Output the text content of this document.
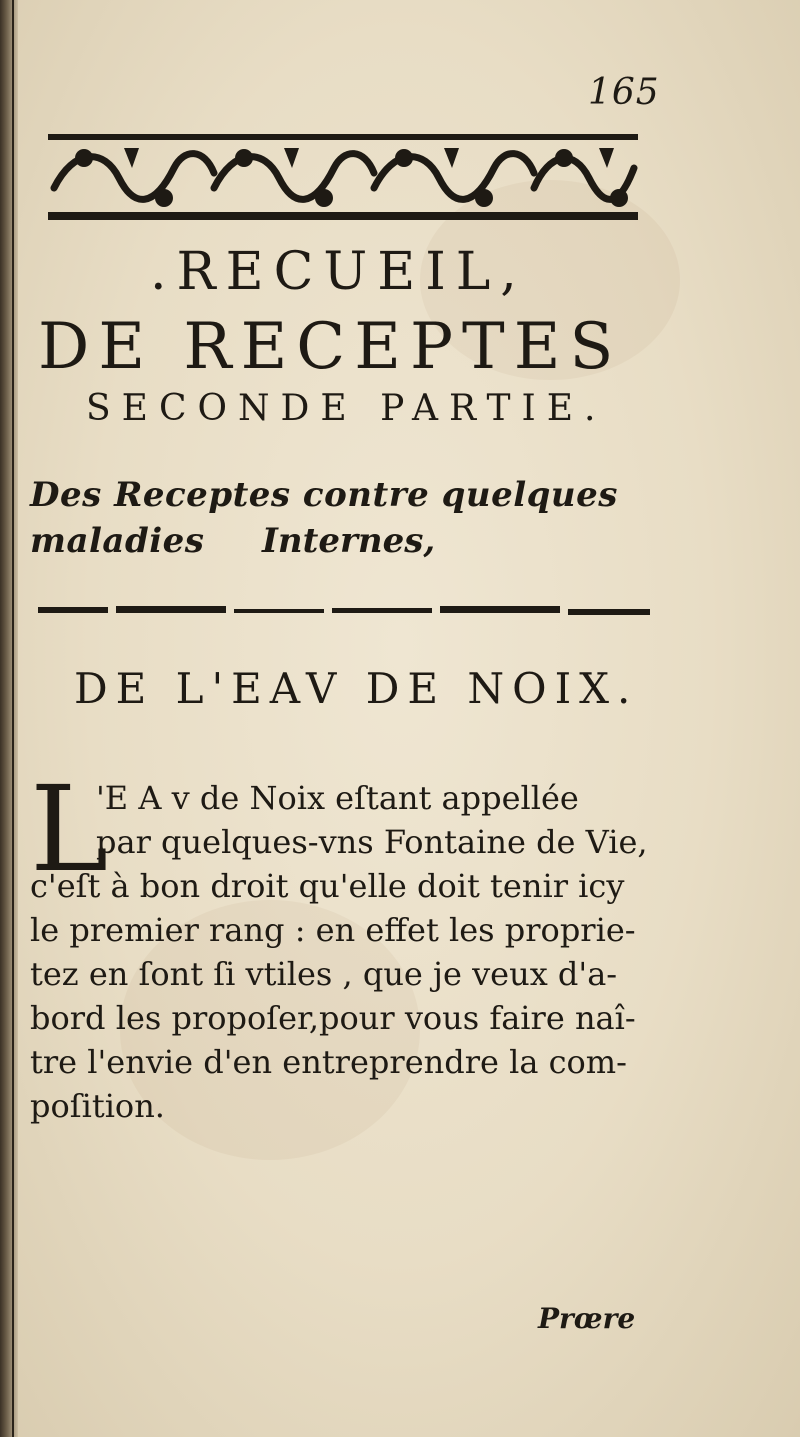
165
.RECUEIL,
DE RECEPTES
SECONDE PARTIE.
Des Receptes contre quelques maladies	Internes,
DE L'EAV DE NOIX.
L
'E A v de Noix eſtant appellée
par quelques-vns Fontaine de Vie,
c'eſt à bon droit qu'elle doit tenir icy
le premier rang : en effet les proprie-
tez en ſont ſi vtiles , que je veux d'a-
bord les propoſer,pour vous faire naî-
tre l'envie d'en entreprendre la com-
poſition.
Prœre
